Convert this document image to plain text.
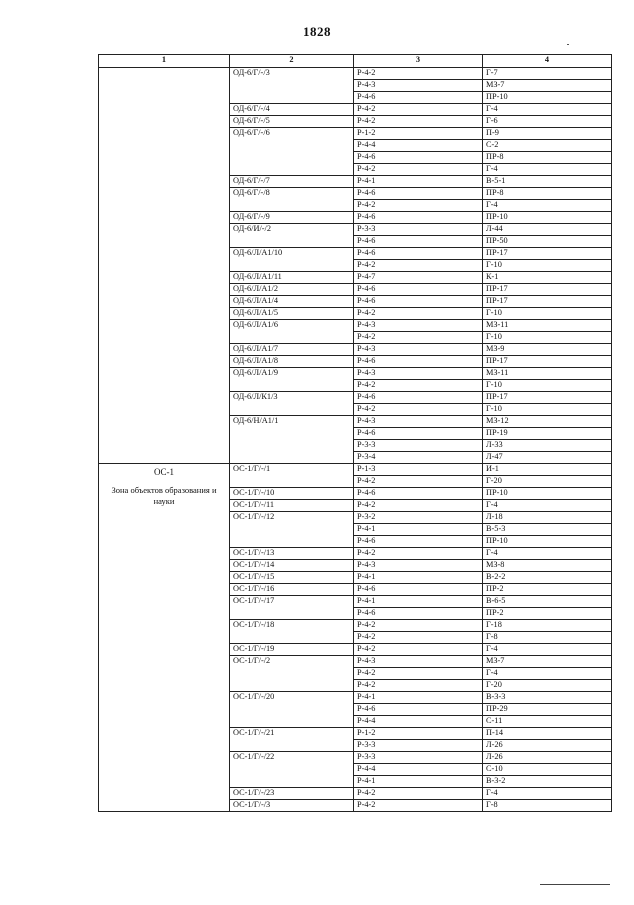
1828
1	2	3	4

	ОД-6/Г/-/3	Р-4-2	Г-7
		Р-4-3	МЗ-7
		Р-4-6	ПР-10
	ОД-6/Г/-/4	Р-4-2	Г-4
	ОД-6/Г/-/5	Р-4-2	Г-6
	ОД-6/Г/-/6	Р-1-2	П-9
		Р-4-4	С-2
		Р-4-6	ПР-8
		Р-4-2	Г-4
	ОД-6/Г/-/7	Р-4-1	В-5-1
	ОД-6/Г/-/8	Р-4-6	ПР-8
		Р-4-2	Г-4
	ОД-6/Г/-/9	Р-4-6	ПР-10
	ОД-6/И/-/2	Р-3-3	Л-44
		Р-4-6	ПР-50
	ОД-6/Л/А1/10	Р-4-6	ПР-17
		Р-4-2	Г-10
	ОД-6/Л/А1/11	Р-4-7	К-1
	ОД-6/Л/А1/2	Р-4-6	ПР-17
	ОД-6/Л/А1/4	Р-4-6	ПР-17
	ОД-6/Л/А1/5	Р-4-2	Г-10
	ОД-6/Л/А1/6	Р-4-3	МЗ-11
		Р-4-2	Г-10
	ОД-6/Л/А1/7	Р-4-3	МЗ-9
	ОД-6/Л/А1/8	Р-4-6	ПР-17
	ОД-6/Л/А1/9	Р-4-3	МЗ-11
		Р-4-2	Г-10
	ОД-6/Л/К1/3	Р-4-6	ПР-17
		Р-4-2	Г-10
	ОД-6/Н/А1/1	Р-4-3	МЗ-12
		Р-4-6	ПР-19
		Р-3-3	Л-33
		Р-3-4	Л-47

ОС-1
Зона объектов образования и науки	ОС-1/Г/-/1	Р-1-3	И-1
		Р-4-2	Г-20
	ОС-1/Г/-/10	Р-4-6	ПР-10
	ОС-1/Г/-/11	Р-4-2	Г-4
	ОС-1/Г/-/12	Р-3-2	Л-18
		Р-4-1	В-5-3
		Р-4-6	ПР-10
	ОС-1/Г/-/13	Р-4-2	Г-4
	ОС-1/Г/-/14	Р-4-3	МЗ-8
	ОС-1/Г/-/15	Р-4-1	В-2-2
	ОС-1/Г/-/16	Р-4-6	ПР-2
	ОС-1/Г/-/17	Р-4-1	В-6-5
		Р-4-6	ПР-2
	ОС-1/Г/-/18	Р-4-2	Г-18
		Р-4-2	Г-8
	ОС-1/Г/-/19	Р-4-2	Г-4
	ОС-1/Г/-/2	Р-4-3	МЗ-7
		Р-4-2	Г-4
		Р-4-2	Г-20
	ОС-1/Г/-/20	Р-4-1	В-3-3
		Р-4-6	ПР-29
		Р-4-4	С-11
	ОС-1/Г/-/21	Р-1-2	П-14
		Р-3-3	Л-26
	ОС-1/Г/-/22	Р-3-3	Л-26
		Р-4-4	С-10
		Р-4-1	В-3-2
	ОС-1/Г/-/23	Р-4-2	Г-4
	ОС-1/Г/-/3	Р-4-2	Г-8
